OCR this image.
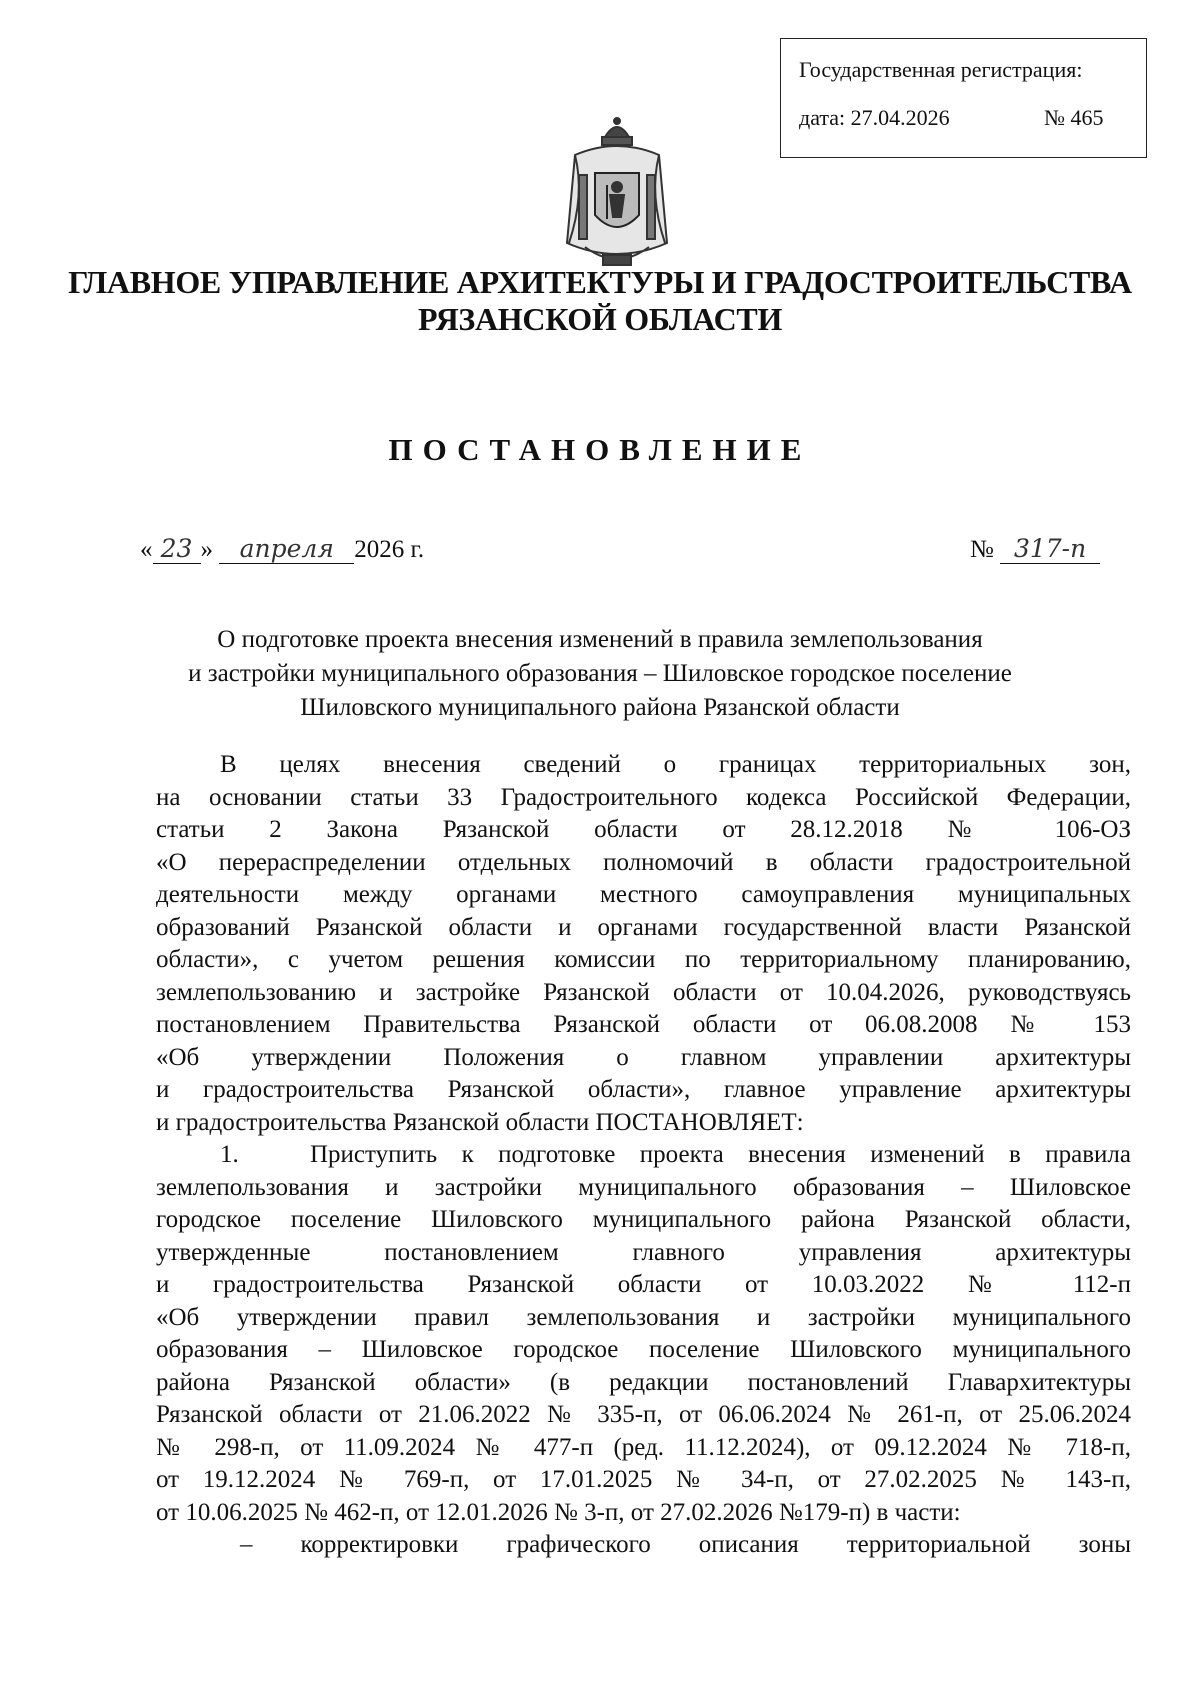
Государственная регистрация:
дата: 27.04.2026	№ 465
ГЛАВНОЕ УПРАВЛЕНИЕ АРХИТЕКТУРЫ И ГРАДОСТРОИТЕЛЬСТВА
РЯЗАНСКОЙ ОБЛАСТИ
ПОСТАНОВЛЕНИЕ
« 23 » апреля 2026 г.	№ 317-п
О подготовке проекта внесения изменений в правила землепользования
и застройки муниципального образования – Шиловское городское поселение
Шиловского муниципального района Рязанской области
В целях внесения сведений о границах территориальных зон,
на основании статьи 33 Градостроительного кодекса Российской Федерации,
статьи 2 Закона Рязанской области от 28.12.2018 № 106-ОЗ
«О перераспределении отдельных полномочий в области градостроительной
деятельности между органами местного самоуправления муниципальных
образований Рязанской области и органами государственной власти Рязанской
области», с учетом решения комиссии по территориальному планированию,
землепользованию и застройке Рязанской области от 10.04.2026, руководствуясь
постановлением Правительства Рязанской области от 06.08.2008 № 153
«Об утверждении Положения о главном управлении архитектуры
и градостроительства Рязанской области», главное управление архитектуры
и градостроительства Рязанской области ПОСТАНОВЛЯЕТ:
1.	Приступить к подготовке проекта внесения изменений в правила
землепользования и застройки муниципального образования – Шиловское
городское поселение Шиловского муниципального района Рязанской области,
утвержденные постановлением главного управления архитектуры
и градостроительства Рязанской области от 10.03.2022 № 112-п
«Об утверждении правил землепользования и застройки муниципального
образования – Шиловское городское поселение Шиловского муниципального
района Рязанской области» (в редакции постановлений Главархитектуры
Рязанской области от 21.06.2022 № 335-п, от 06.06.2024 № 261-п, от 25.06.2024
№ 298-п, от 11.09.2024 № 477-п (ред. 11.12.2024), от 09.12.2024 № 718-п,
от 19.12.2024 № 769-п, от 17.01.2025 № 34-п, от 27.02.2025 № 143-п,
от 10.06.2025 № 462-п, от 12.01.2026 № 3-п, от 27.02.2026 №179-п) в части:
– корректировки графического описания территориальной зоны
